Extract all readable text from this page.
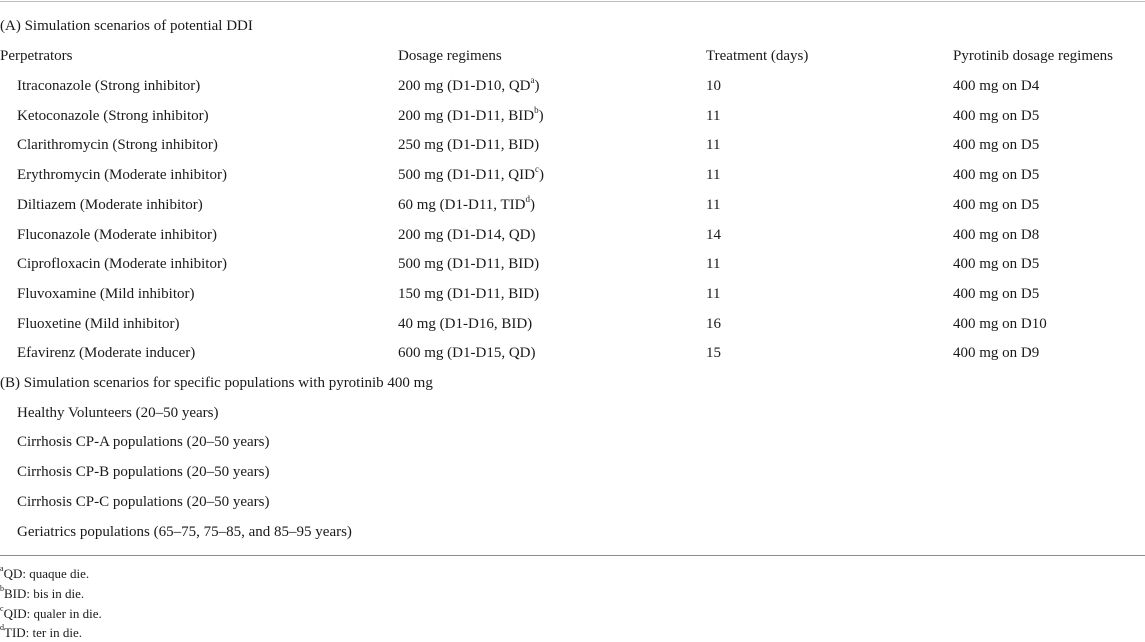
(A) Simulation scenarios of potential DDI
Perpetrators	Dosage regimens	Treatment (days)	Pyrotinib dosage regimens
Itraconazole (Strong inhibitor)	200 mg (D1-D10, $QD^a$)	10	400 mg on D4
Ketoconazole (Strong inhibitor)	200 mg (D1-D11, BID$^b$)	11	400 mg on D5
Clarithromycin (Strong inhibitor)	250 mg (D1-D11, BID)	11	400 mg on D5
Erythromycin (Moderate inhibitor)	500 mg (D1-D11, QID$^c$)	11	400 mg on D5
Diltiazem (Moderate inhibitor)	60 mg (D1-D11, TID$^d$)	11	400 mg on D5
Fluconazole (Moderate inhibitor)	200 mg (D1-D14, QD)	14	400 mg on D8
Ciprofloxacin (Moderate inhibitor)	500 mg (D1-D11, BID)	11	400 mg on D5
Fluvoxamine (Mild inhibitor)	150 mg (D1-D11, BID)	11	400 mg on D5
Fluoxetine (Mild inhibitor)	40 mg (D1-D16, BID)	16	400 mg on D10
Efavirenz (Moderate inducer)	600 mg (D1-D15, QD)	15	400 mg on D9
(B) Simulation scenarios for specific populations with pyrotinib 400 mg
Healthy Volunteers (20–50 years)
Cirrhosis CP-A populations (20–50 years)
Cirrhosis CP-B populations (20–50 years)
Cirrhosis CP-C populations (20–50 years)
Geriatrics populations (65–75, 75–85, and 85–95 years)
$^a$QD: quaque die.
$^b$BID: bis in die.
$^c$QID: qualer in die.
$^d$TID: ter in die.
